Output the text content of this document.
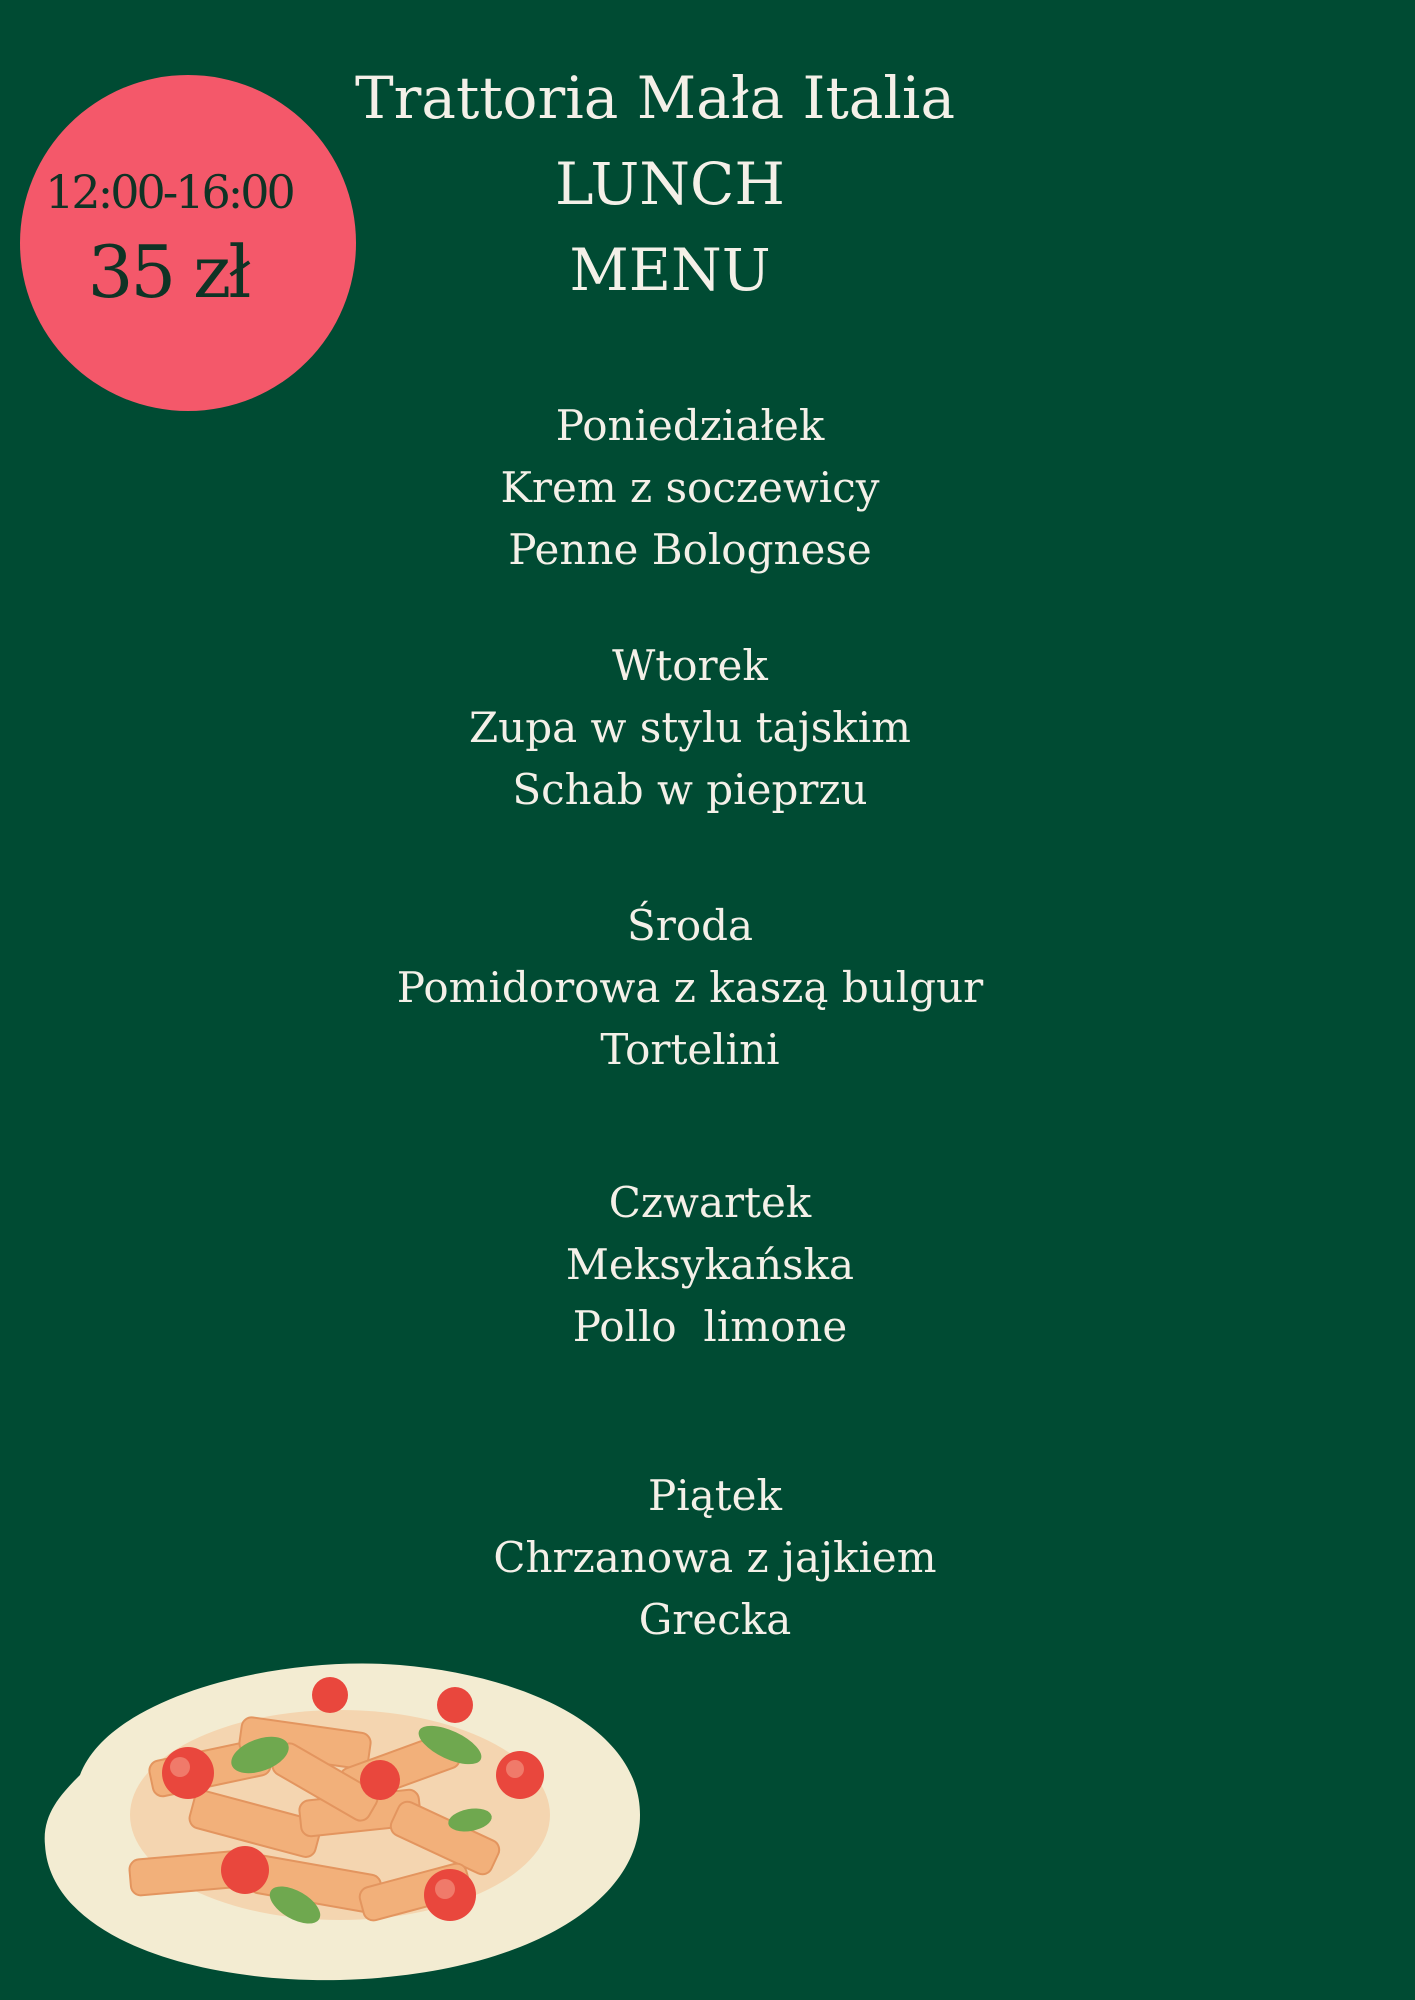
12:00-16:00
35 zł
Trattoria Mała Italia
LUNCH
MENU
Poniedziałek
Krem z soczewicy
Penne Bolognese
Wtorek
Zupa w stylu tajskim
Schab w pieprzu
Środa
Pomidorowa z kaszą bulgur
Tortelini
Czwartek
Meksykańska
Pollo  limone
Piątek
Chrzanowa z jajkiem
Grecka
